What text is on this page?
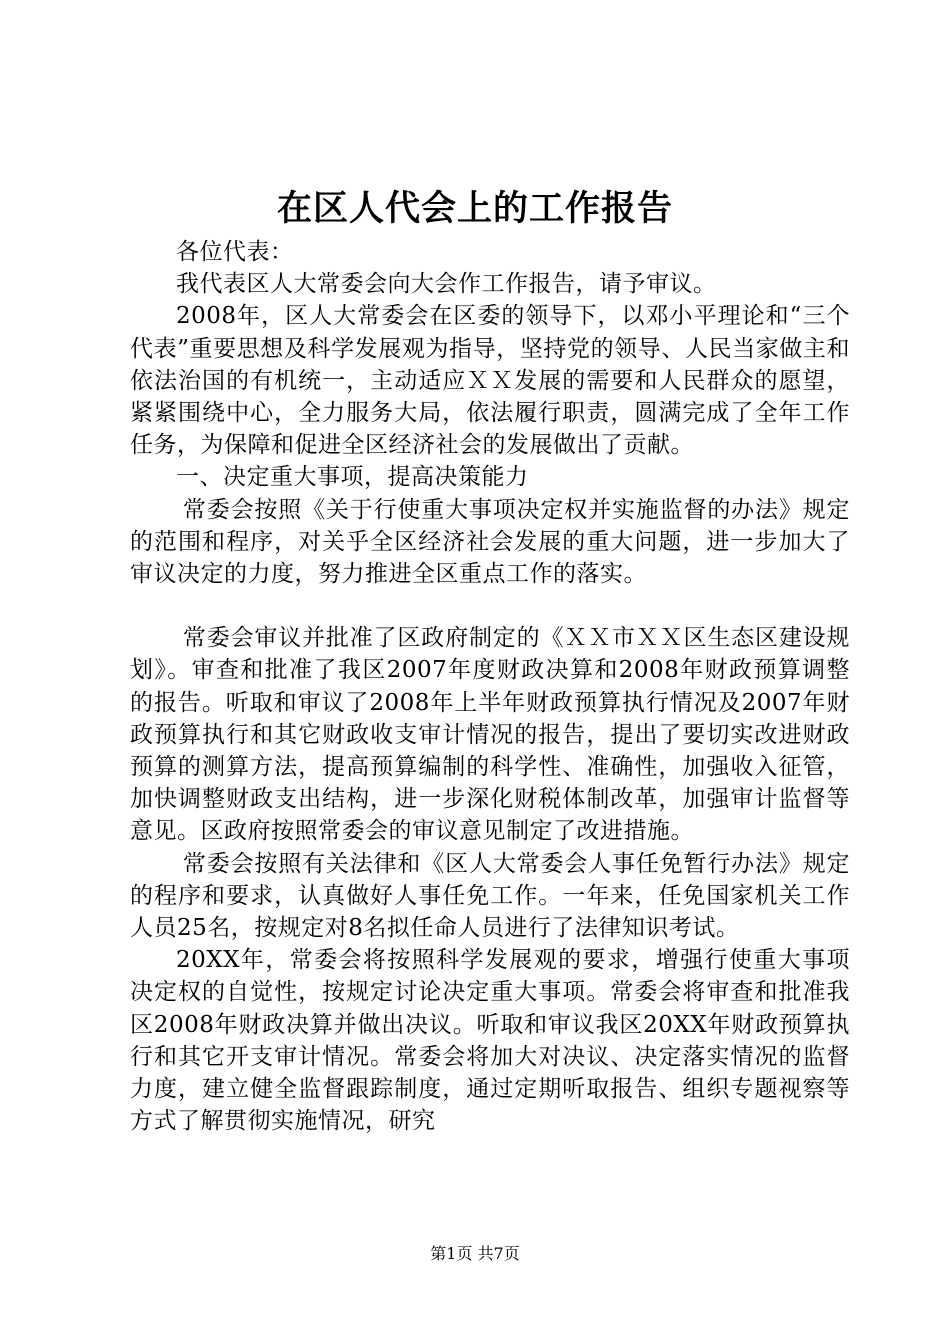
在区人代会上的工作报告

各位代表：

我代表区人大常委会向大会作工作报告，请予审议。

2008年，区人大常委会在区委的领导下，以邓小平理论和“三个代表”重要思想及科学发展观为指导，坚持党的领导、人民当家做主和依法治国的有机统一，主动适应ＸＸ发展的需要和人民群众的愿望，紧紧围绕中心，全力服务大局，依法履行职责，圆满完成了全年工作任务，为保障和促进全区经济社会的发展做出了贡献。

一、决定重大事项，提高决策能力

常委会按照《关于行使重大事项决定权并实施监督的办法》规定的范围和程序，对关乎全区经济社会发展的重大问题，进一步加大了审议决定的力度，努力推进全区重点工作的落实。

常委会审议并批准了区政府制定的《ＸＸ市ＸＸ区生态区建设规划》。审查和批准了我区2007年度财政决算和2008年财政预算调整的报告。听取和审议了2008年上半年财政预算执行情况及2007年财政预算执行和其它财政收支审计情况的报告，提出了要切实改进财政预算的测算方法，提高预算编制的科学性、准确性，加强收入征管，加快调整财政支出结构，进一步深化财税体制改革，加强审计监督等意见。区政府按照常委会的审议意见制定了改进措施。

常委会按照有关法律和《区人大常委会人事任免暂行办法》规定的程序和要求，认真做好人事任免工作。一年来，任免国家机关工作人员25名，按规定对8名拟任命人员进行了法律知识考试。

20XX年，常委会将按照科学发展观的要求，增强行使重大事项决定权的自觉性，按规定讨论决定重大事项。常委会将审查和批准我区2008年财政决算并做出决议。听取和审议我区20XX年财政预算执行和其它开支审计情况。常委会将加大对决议、决定落实情况的监督力度，建立健全监督跟踪制度，通过定期听取报告、组织专题视察等方式了解贯彻实施情况，研究

第1页 共7页
